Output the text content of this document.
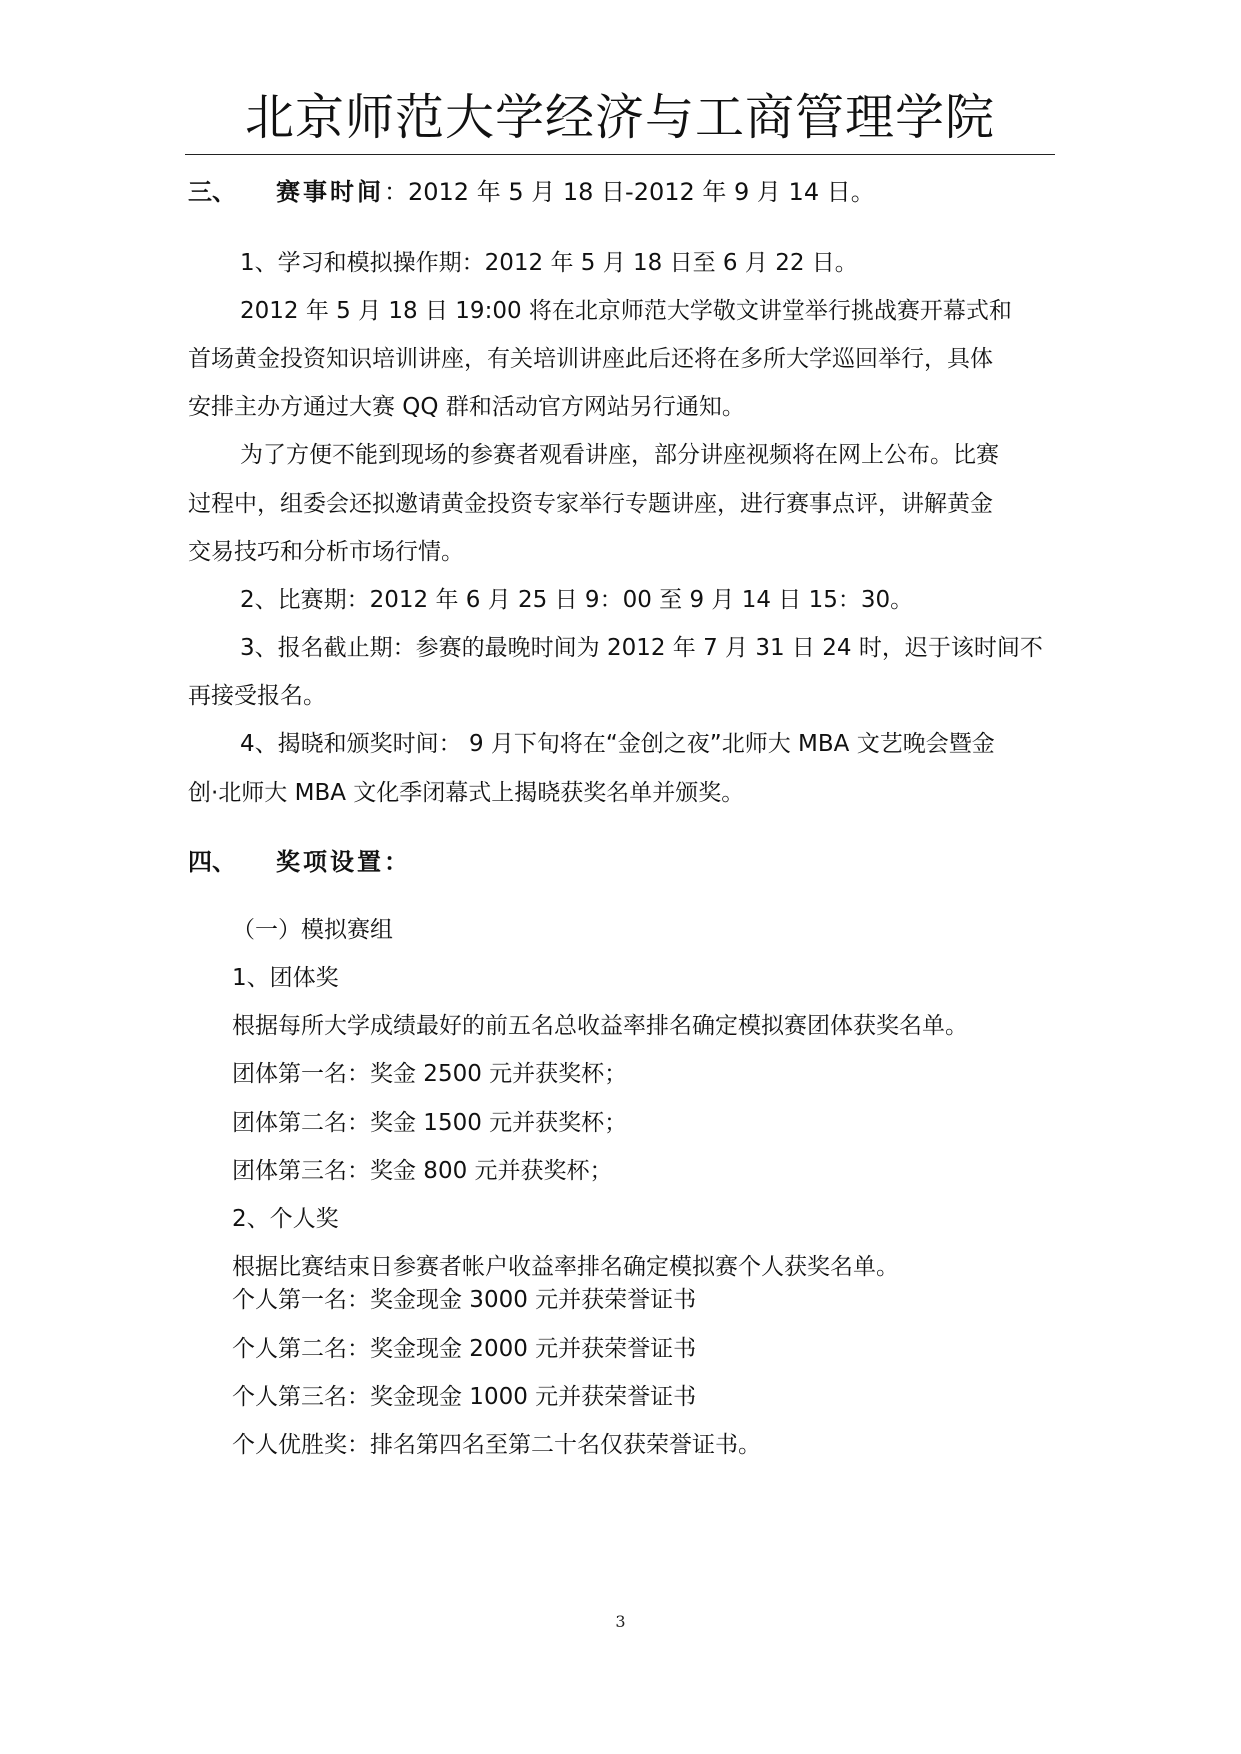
北京师范大学经济与工商管理学院
三、 赛事时间：2012 年 5 月 18 日-2012 年 9 月 14 日。
1、学习和模拟操作期：2012 年 5 月 18 日至 6 月 22 日。
2012 年 5 月 18 日 19:00 将在北京师范大学敬文讲堂举行挑战赛开幕式和
首场黄金投资知识培训讲座，有关培训讲座此后还将在多所大学巡回举行，具体
安排主办方通过大赛 QQ 群和活动官方网站另行通知。
为了方便不能到现场的参赛者观看讲座，部分讲座视频将在网上公布。比赛
过程中，组委会还拟邀请黄金投资专家举行专题讲座，进行赛事点评，讲解黄金
交易技巧和分析市场行情。
2、比赛期：2012 年 6 月 25 日 9：00 至 9 月 14 日 15：30。
3、报名截止期：参赛的最晚时间为 2012 年 7 月 31 日 24 时，迟于该时间不
再接受报名。
4、揭晓和颁奖时间： 9 月下旬将在“金创之夜”北师大 MBA 文艺晚会暨金
创·北师大 MBA 文化季闭幕式上揭晓获奖名单并颁奖。
四、 奖项设置：
（一）模拟赛组
1、团体奖
根据每所大学成绩最好的前五名总收益率排名确定模拟赛团体获奖名单。
团体第一名：奖金 2500 元并获奖杯；
团体第二名：奖金 1500 元并获奖杯；
团体第三名：奖金 800 元并获奖杯；
2、个人奖
根据比赛结束日参赛者帐户收益率排名确定模拟赛个人获奖名单。
个人第一名：奖金现金 3000 元并获荣誉证书
个人第二名：奖金现金 2000 元并获荣誉证书
个人第三名：奖金现金 1000 元并获荣誉证书
个人优胜奖：排名第四名至第二十名仅获荣誉证书。
3
